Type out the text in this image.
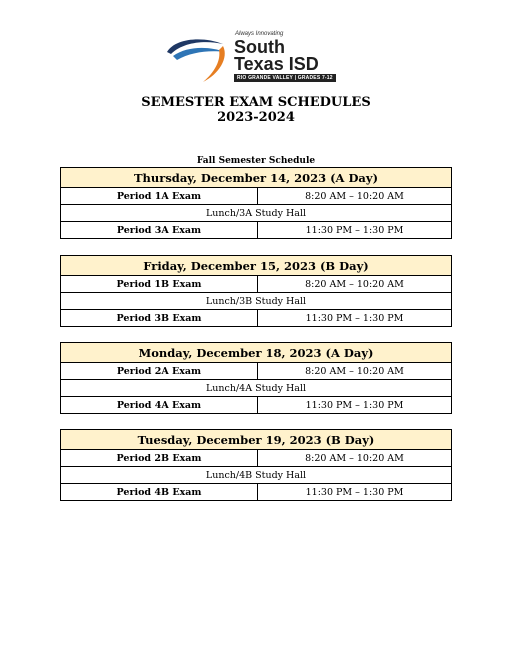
Always Innovating
South
Texas ISD
RIO GRANDE VALLEY | GRADES 7-12
SEMESTER EXAM SCHEDULES
2023-2024
Fall Semester Schedule
Thursday, December 14, 2023 (A Day)	
Period 1A Exam	8:20 AM – 10:20 AM
Lunch/3A Study Hall	
Period 3A Exam	11:30 PM – 1:30 PM
Friday, December 15, 2023 (B Day)	
Period 1B Exam	8:20 AM – 10:20 AM
Lunch/3B Study Hall	
Period 3B Exam	11:30 PM – 1:30 PM
Monday, December 18, 2023 (A Day)	
Period 2A Exam	8:20 AM – 10:20 AM
Lunch/4A Study Hall	
Period 4A Exam	11:30 PM – 1:30 PM
Tuesday, December 19, 2023 (B Day)	
Period 2B Exam	8:20 AM – 10:20 AM
Lunch/4B Study Hall	
Period 4B Exam	11:30 PM – 1:30 PM
